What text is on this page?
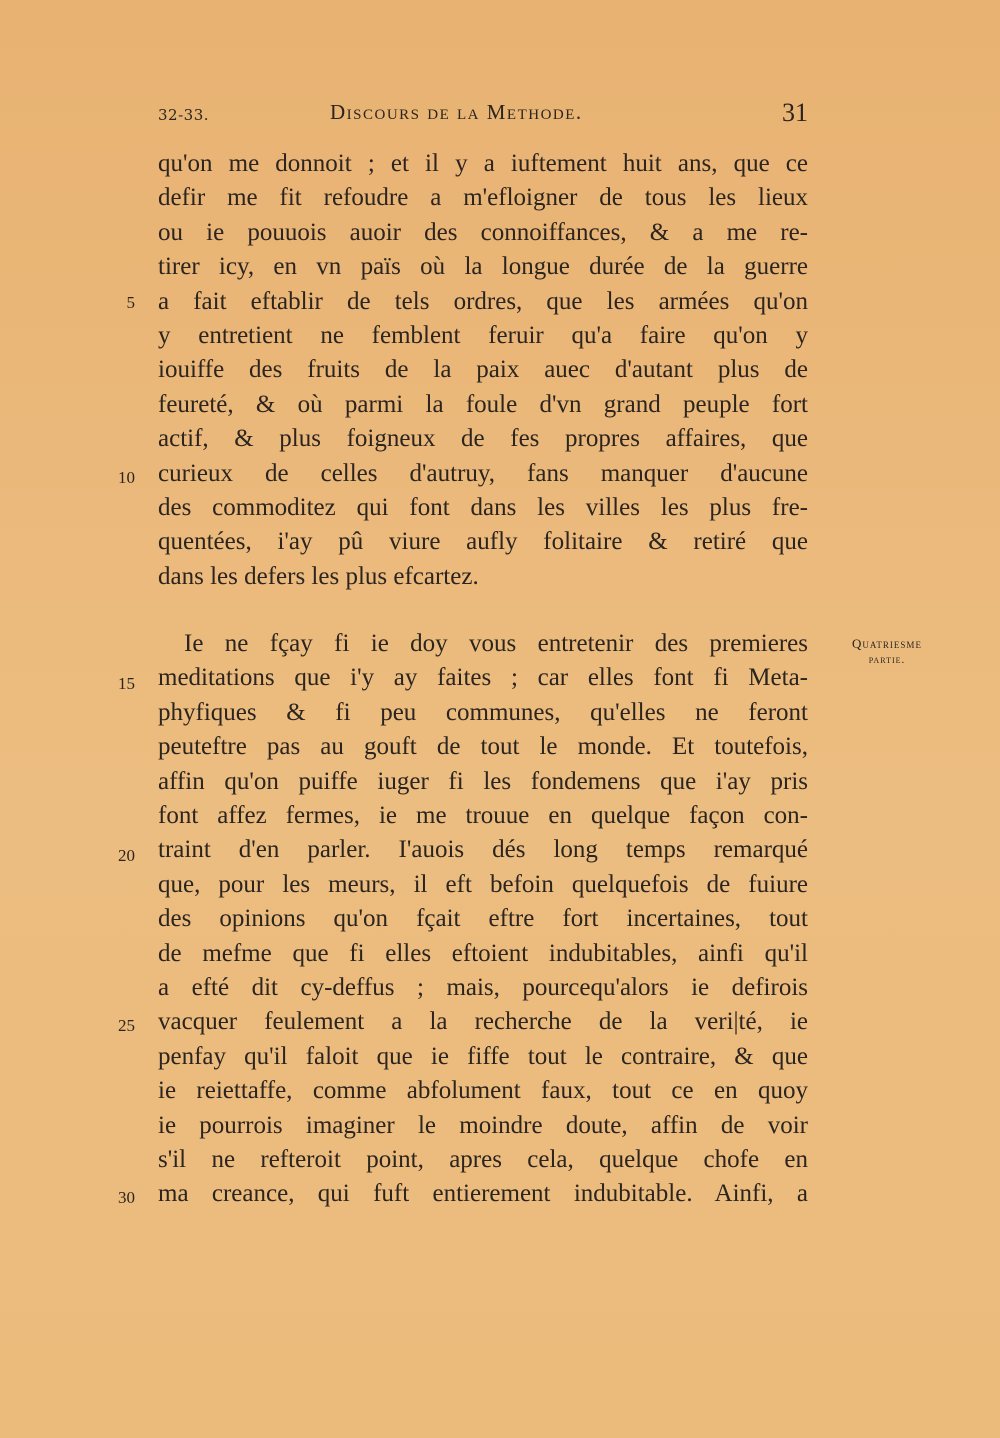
32-33.	Discours de la Methode.	31
Quatriesme
partie.
5
10
15
20
25
30
qu'on me donnoit ; et il y a iuftement huit ans, que ce
defir me fit refoudre a m'efloigner de tous les lieux
ou ie pouuois auoir des connoiffances, & a me re-
tirer icy, en vn païs où la longue durée de la guerre
a fait eftablir de tels ordres, que les armées qu'on
y entretient ne femblent feruir qu'a faire qu'on y
iouiffe des fruits de la paix auec d'autant plus de
feureté, & où parmi la foule d'vn grand peuple fort
actif, & plus foigneux de fes propres affaires, que
curieux de celles d'autruy, fans manquer d'aucune
des commoditez qui font dans les villes les plus fre-
quentées, i'ay pû viure aufly folitaire & retiré que
dans les defers les plus efcartez.
Ie ne fçay fi ie doy vous entretenir des premieres
meditations que i'y ay faites ; car elles font fi Meta-
phyfiques & fi peu communes, qu'elles ne feront
peuteftre pas au gouft de tout le monde. Et toutefois,
affin qu'on puiffe iuger fi les fondemens que i'ay pris
font affez fermes, ie me trouue en quelque façon con-
traint d'en parler. I'auois dés long temps remarqué
que, pour les meurs, il eft befoin quelquefois de fuiure
des opinions qu'on fçait eftre fort incertaines, tout
de mefme que fi elles eftoient indubitables, ainfi qu'il
a efté dit cy-deffus ; mais, pourcequ'alors ie defirois
vacquer feulement a la recherche de la veri|té, ie
penfay qu'il faloit que ie fiffe tout le contraire, & que
ie reiettaffe, comme abfolument faux, tout ce en quoy
ie pourrois imaginer le moindre doute, affin de voir
s'il ne refteroit point, apres cela, quelque chofe en
ma creance, qui fuft entierement indubitable. Ainfi, a
